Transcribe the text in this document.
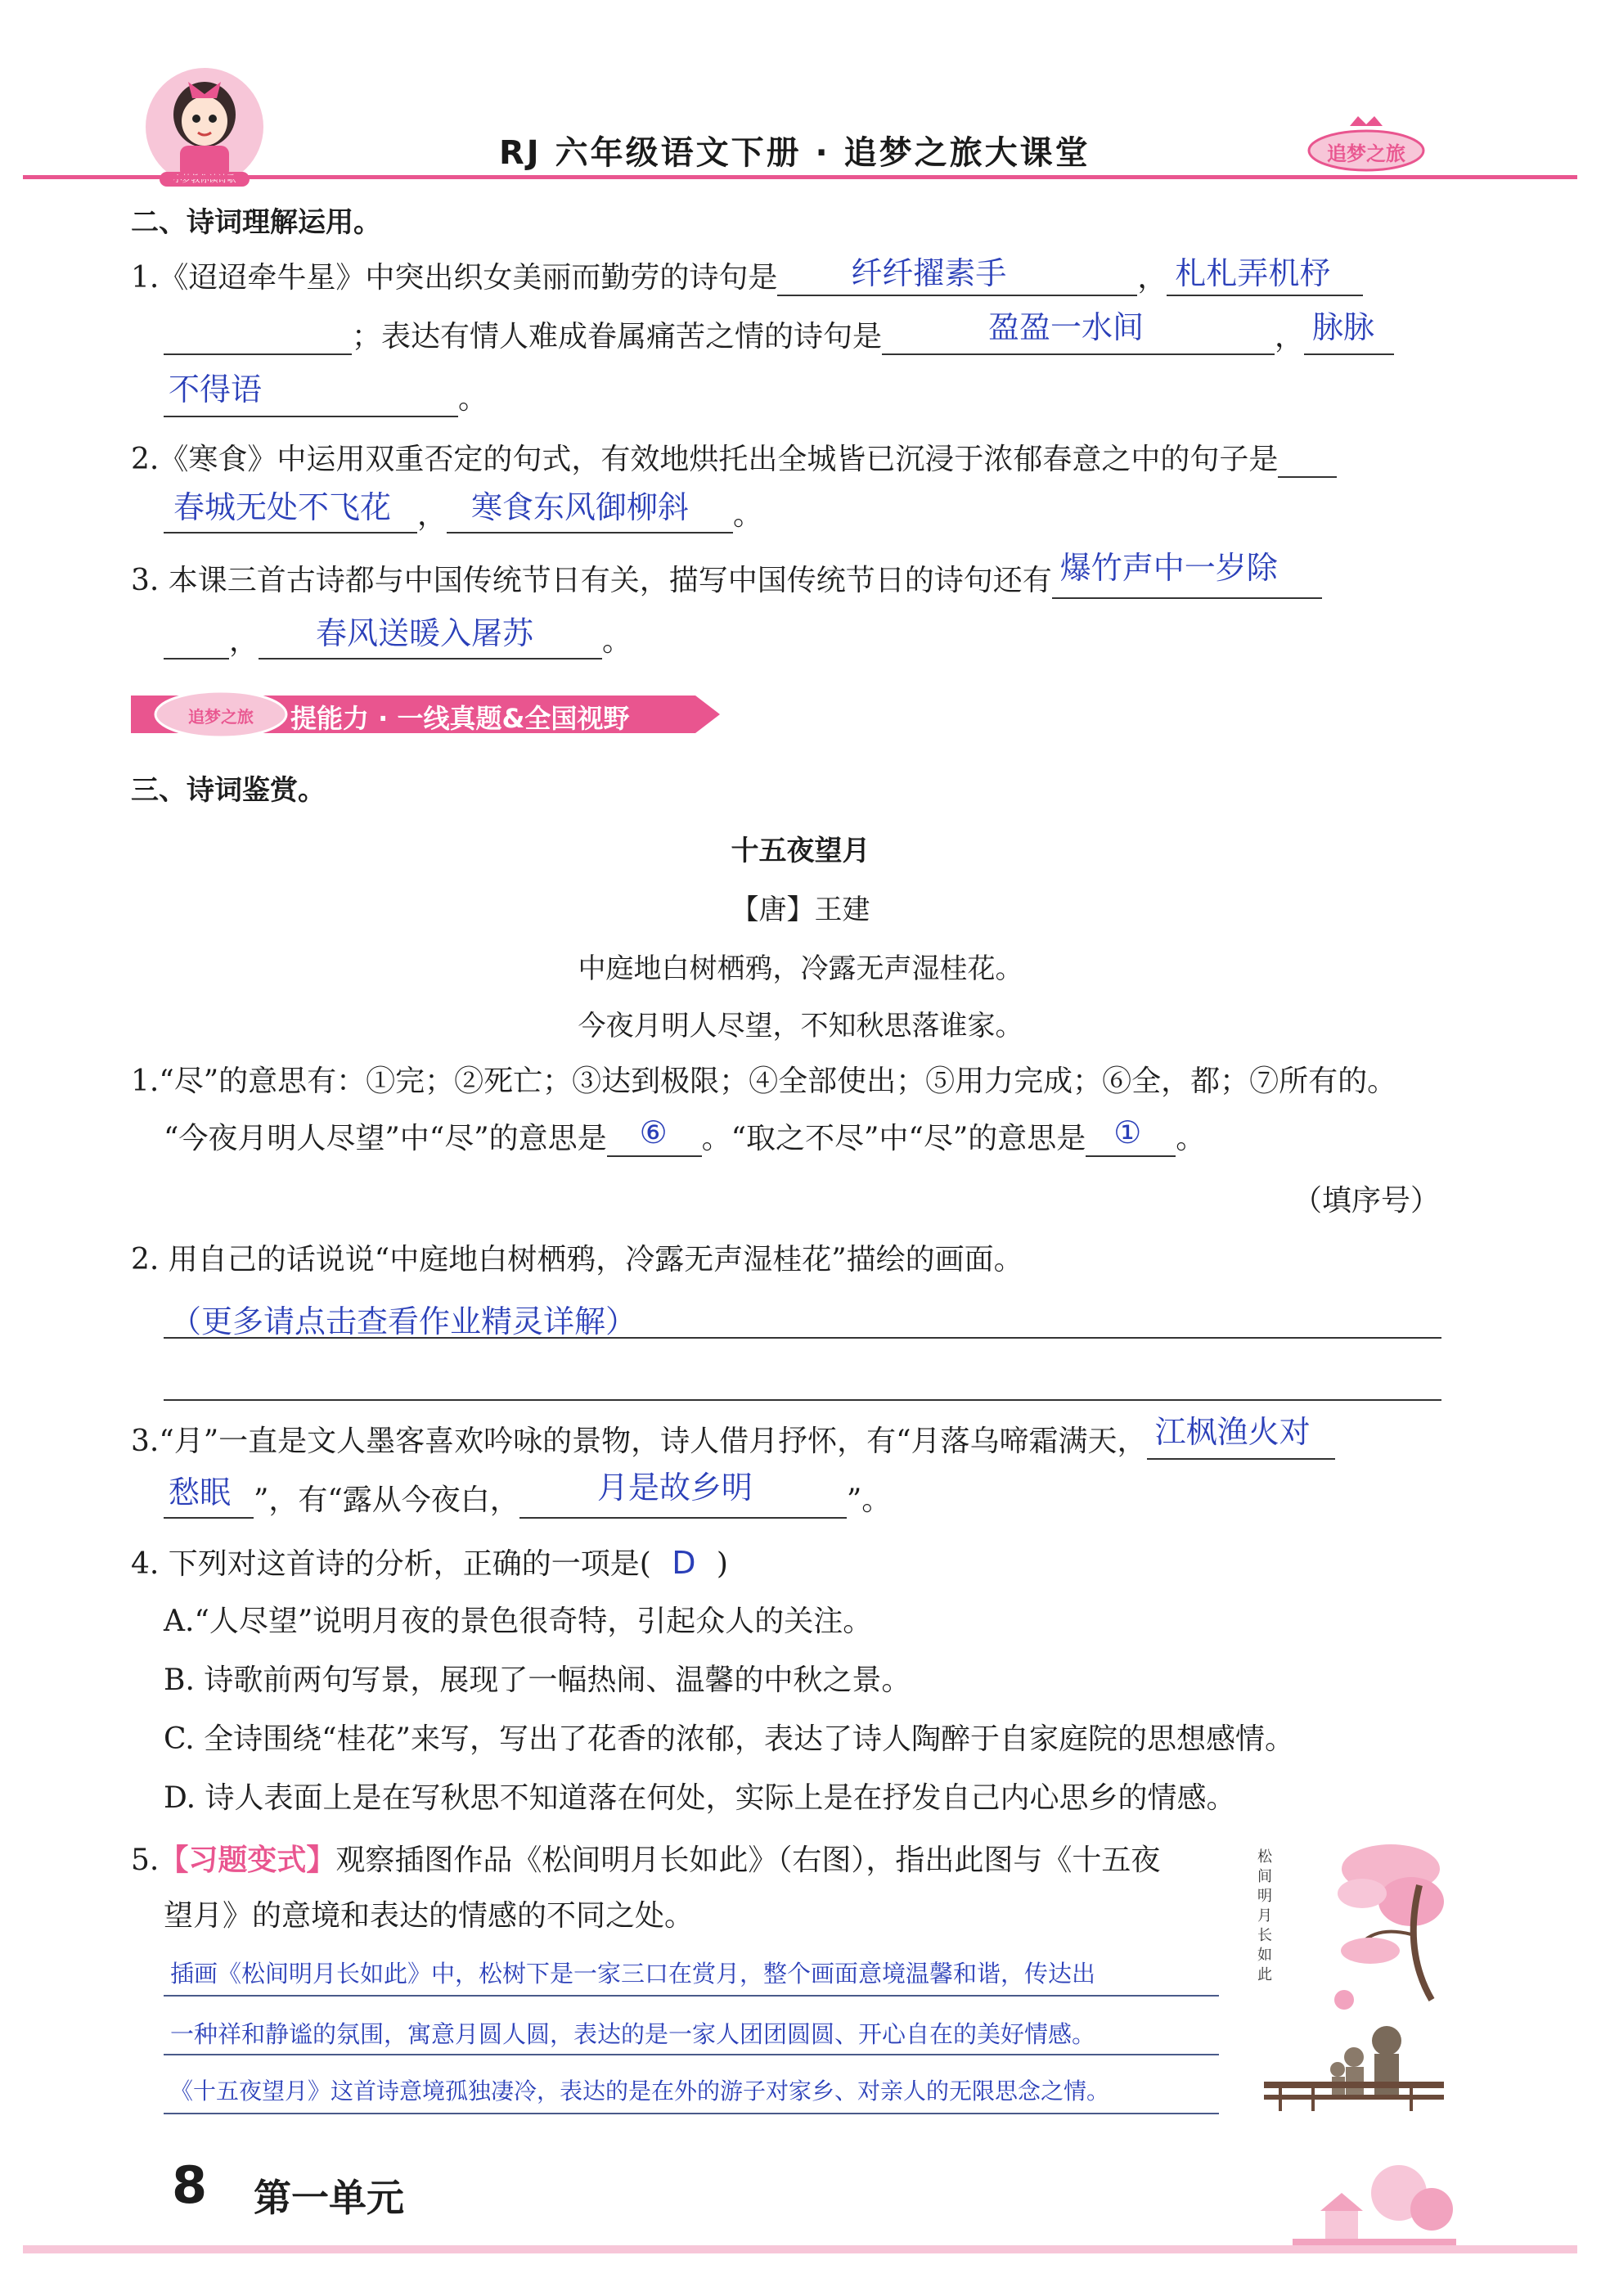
RJ 六年级语文下册 · 追梦之旅大课堂	追梦之旅
二、诗词理解运用。
1.《迢迢牵牛星》中突出织女美丽而勤劳的诗句是 纤纤擢素手	， 札札弄机杼
；表达有情人难成眷属痛苦之情的诗句是	盈盈一水间	， 脉脉
不得语	。
2.《寒食》中运用双重否定的句式，有效地烘托出全城皆已沉浸于浓郁春意之中的句子是
春城无处不飞花 ， 寒食东风御柳斜 。
3. 本课三首古诗都与中国传统节日有关，描写中国传统节日的诗句还有 爆竹声中一岁除
， 春风送暖入屠苏 。
追梦之旅	提能力 · 一线真题&全国视野
三、诗词鉴赏。
十五夜望月
【唐】王建
中庭地白树栖鸦，冷露无声湿桂花。
今夜月明人尽望，不知秋思落谁家。
1.“尽”的意思有：①完；②死亡；③达到极限；④全部使出；⑤用力完成；⑥全，都；⑦所有的。
“今夜月明人尽望”中“尽”的意思是 ⑥ 。“取之不尽”中“尽”的意思是 ① 。
（填序号）
2. 用自己的话说说“中庭地白树栖鸦，冷露无声湿桂花”描绘的画面。
（更多请点击查看作业精灵详解）
3.“月”一直是文人墨客喜欢吟咏的景物，诗人借月抒怀，有“月落乌啼霜满天， 江枫渔火对
愁眠 ”，有“露从今夜白，	月是故乡明	”。
4. 下列对这首诗的分析，正确的一项是( D )
A.“人尽望”说明月夜的景色很奇特，引起众人的关注。
B. 诗歌前两句写景，展现了一幅热闹、温馨的中秋之景。
C. 全诗围绕“桂花”来写，写出了花香的浓郁，表达了诗人陶醉于自家庭院的思想感情。
D. 诗人表面上是在写秋思不知道落在何处，实际上是在抒发自己内心思乡的情感。
5.【习题变式】观察插图作品《松间明月长如此》（右图），指出此图与《十五夜
望月》的意境和表达的情感的不同之处。
插画《松间明月长如此》中，松树下是一家三口在赏月，整个画面意境温馨和谐，传达出
一种祥和静谧的氛围，寓意月圆人圆，表达的是一家人团团圆圆、开心自在的美好情感。
《十五夜望月》这首诗意境孤独凄冷，表达的是在外的游子对家乡、对亲人的无限思念之情。
松间明月长如此
8 第一单元
